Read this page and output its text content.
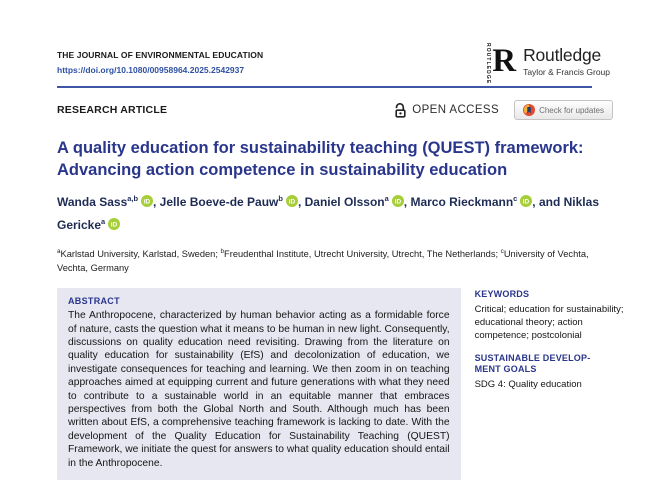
THE JOURNAL OF ENVIRONMENTAL EDUCATION
https://doi.org/10.1080/00958964.2025.2542937	ROUTLEDGE R Routledge
Taylor & Francis Group
RESEARCH ARTICLE	OPEN ACCESS	Check for updates
A quality education for sustainability teaching (QUEST) framework: Advancing action competence in sustainability education

Wanda Sass$^{a,b}$ iD , Jelle Boeve-de Pauw$^b$ iD , Daniel Olsson$^a$ iD , Marco Rieckmann$^c$ iD , and Niklas Gericke$^a$ iD

$^a$Karlstad University, Karlstad, Sweden; $^b$Freudenthal Institute, Utrecht University, Utrecht, The Netherlands; $^c$University of Vechta, Vechta, Germany

ABSTRACT
The Anthropocene, characterized by human behavior acting as a formidable force of nature, casts the question what it means to be human in new light. Consequently, discussions on quality education need revisiting. Drawing from the literature on quality education for sustainability (EfS) and decolonization of education, we investigate consequences for teaching and learning. We then zoom in on teaching approaches aimed at equipping current and future generations with what they need to contribute to a sustainable world in an equitable manner that embraces perspectives from both the Global North and South. Although much has been written about EfS, a comprehensive teaching framework is lacking to date. With the development of the Quality Education for Sustainability Teaching (QUEST) Framework, we initiate the quest for answers to what quality education should entail in the Anthropocene.
KEYWORDS
Critical; education for sustainability; educational theory; action competence; postcolonial
SUSTAINABLE DEVELOP-
MENT GOALS
SDG 4: Quality education
